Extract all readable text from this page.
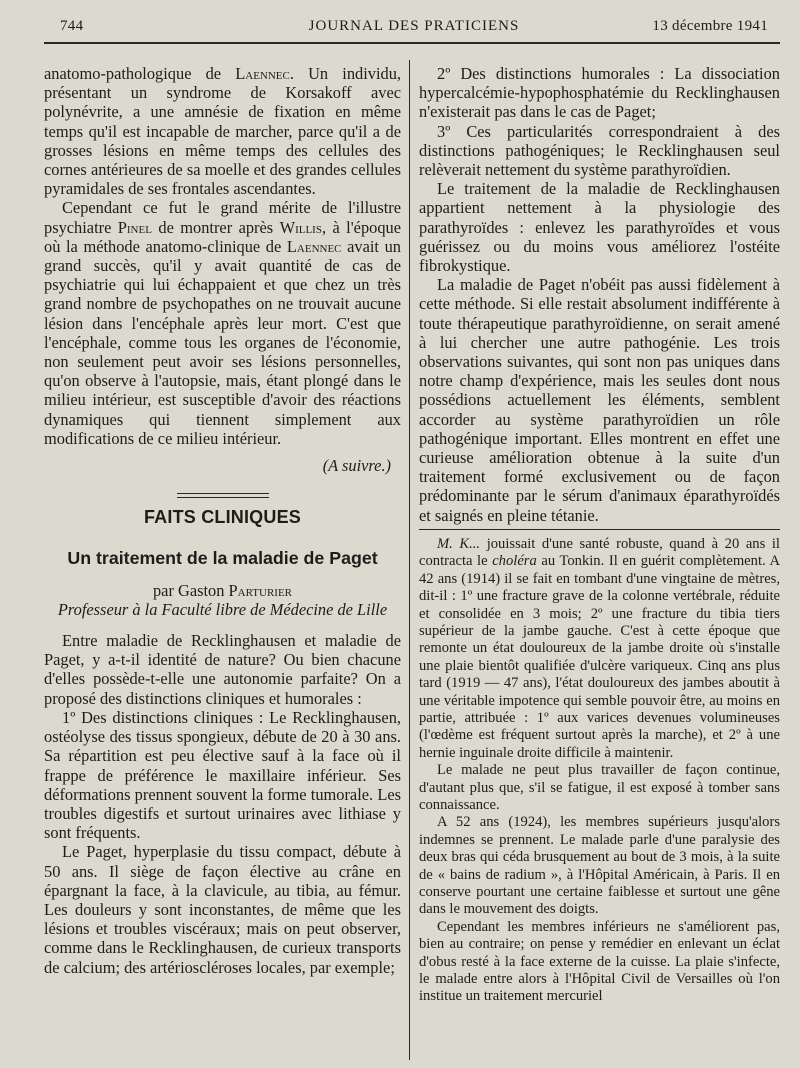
744	JOURNAL DES PRATICIENS	13 décembre 1941

anatomo-pathologique de Laennec. Un individu, présentant un syndrome de Korsakoff avec polynévrite, a une amnésie de fixation en même temps qu'il est incapable de marcher, parce qu'il a de grosses lésions en même temps des cellules des cornes antérieures de sa moelle et des grandes cellules pyramidales de ses frontales ascendantes.

Cependant ce fut le grand mérite de l'illustre psychiatre Pinel de montrer après Willis, à l'époque où la méthode anatomo-clinique de Laennec avait un grand succès, qu'il y avait quantité de cas de psychiatrie qui lui échappaient et que chez un très grand nombre de psychopathes on ne trouvait aucune lésion dans l'encéphale après leur mort. C'est que l'encéphale, comme tous les organes de l'économie, non seulement peut avoir ses lésions personnelles, qu'on observe à l'autopsie, mais, étant plongé dans le milieu intérieur, est susceptible d'avoir des réactions dynamiques qui tiennent simplement aux modifications de ce milieu intérieur.

(A suivre.)

FAITS CLINIQUES
Un traitement de la maladie de Paget
par Gaston Parturier
Professeur à la Faculté libre de Médecine de Lille

Entre maladie de Recklinghausen et maladie de Paget, y a-t-il identité de nature? Ou bien chacune d'elles possède-t-elle une autonomie parfaite? On a proposé des distinctions cliniques et humorales :

1º Des distinctions cliniques : Le Recklinghausen, ostéolyse des tissus spongieux, débute de 20 à 30 ans. Sa répartition est peu élective sauf à la face où il frappe de préférence le maxillaire inférieur. Ses déformations prennent souvent la forme tumorale. Les troubles digestifs et surtout urinaires avec lithiase y sont fréquents.

Le Paget, hyperplasie du tissu compact, débute à 50 ans. Il siège de façon élective au crâne en épargnant la face, à la clavicule, au tibia, au fémur. Les douleurs y sont inconstantes, de même que les lésions et troubles viscéraux; mais on peut observer, comme dans le Recklinghausen, de curieux transports de calcium; des artérioscléroses locales, par exemple;

2º Des distinctions humorales : La dissociation hypercalcémie-hypophosphatémie du Recklinghausen n'existerait pas dans le cas de Paget;

3º Ces particularités correspondraient à des distinctions pathogéniques; le Recklinghausen seul relèverait nettement du système parathyroïdien.

Le traitement de la maladie de Recklinghausen appartient nettement à la physiologie des parathyroïdes : enlevez les parathyroïdes et vous guérissez ou du moins vous améliorez l'ostéite fibrokystique.

La maladie de Paget n'obéit pas aussi fidèlement à cette méthode. Si elle restait absolument indifférente à toute thérapeutique parathyroïdienne, on serait amené à lui chercher une autre pathogénie. Les trois observations suivantes, qui sont non pas uniques dans notre champ d'expérience, mais les seules dont nous possédions actuellement les éléments, semblent accorder au système parathyroïdien un rôle pathogénique important. Elles montrent en effet une curieuse amélioration obtenue à la suite d'un traitement formé exclusivement ou de façon prédominante par le sérum d'animaux éparathyroïdés et saignés en pleine tétanie.

M. K... jouissait d'une santé robuste, quand à 20 ans il contracta le choléra au Tonkin. Il en guérit complètement. A 42 ans (1914) il se fait en tombant d'une vingtaine de mètres, dit-il : 1º une fracture grave de la colonne vertébrale, réduite et consolidée en 3 mois; 2º une fracture du tibia tiers supérieur de la jambe gauche. C'est à cette époque que remonte un état douloureux de la jambe droite où s'installe une plaie bientôt qualifiée d'ulcère variqueux. Cinq ans plus tard (1919 — 47 ans), l'état douloureux des jambes aboutit à une véritable impotence qui semble pouvoir être, au moins en partie, attribuée : 1º aux varices devenues volumineuses (l'œdème est fréquent surtout après la marche), et 2º à une hernie inguinale droite difficile à maintenir.

Le malade ne peut plus travailler de façon continue, d'autant plus que, s'il se fatigue, il est exposé à tomber sans connaissance.

A 52 ans (1924), les membres supérieurs jusqu'alors indemnes se prennent. Le malade parle d'une paralysie des deux bras qui céda brusquement au bout de 3 mois, à la suite de « bains de radium », à l'Hôpital Américain, à Paris. Il en conserve pourtant une certaine faiblesse et surtout une gêne dans le mouvement des doigts.

Cependant les membres inférieurs ne s'améliorent pas, bien au contraire; on pense y remédier en enlevant un éclat d'obus resté à la face externe de la cuisse. La plaie s'infecte, le malade entre alors à l'Hôpital Civil de Versailles où l'on institue un traitement mercuriel
